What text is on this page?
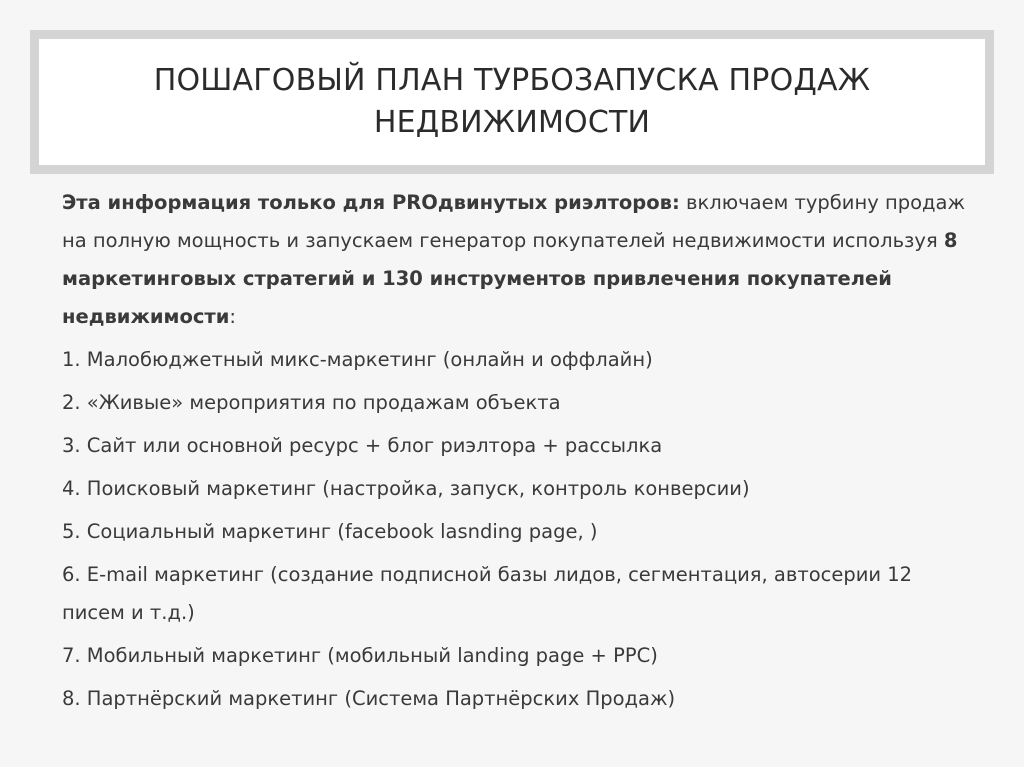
ПОШАГОВЫЙ ПЛАН ТУРБОЗАПУСКА ПРОДАЖ
НЕДВИЖИМОСТИ

Эта информация только для PRОдвинутых риэлторов: включаем турбину продаж на полную мощность и запускаем генератор покупателей недвижимости используя 8 маркетинговых стратегий и 130 инструментов привлечения покупателей недвижимости:

1. Малобюджетный микс-маркетинг (онлайн и оффлайн)
2. «Живые» мероприятия по продажам объекта
3. Сайт или основной ресурс + блог риэлтора + рассылка
4. Поисковый маркетинг (настройка, запуск, контроль конверсии)
5. Социальный маркетинг (facebook lasnding page, )
6. E-mail маркетинг (создание подписной базы лидов, сегментация, автосерии 12 писем и т.д.)
7. Мобильный маркетинг (мобильный landing page + PPC)
8. Партнёрский маркетинг (Система Партнёрских Продаж)
